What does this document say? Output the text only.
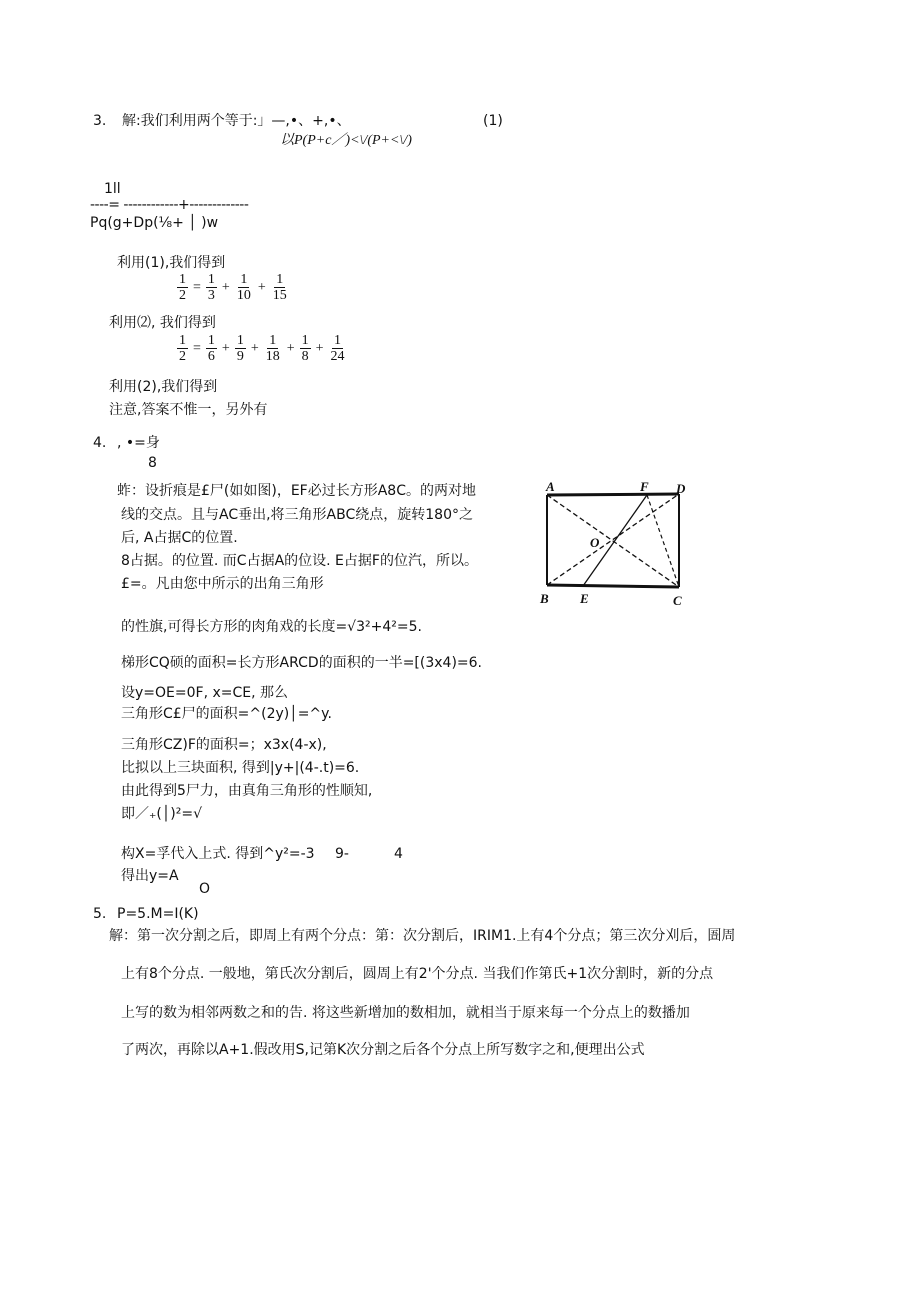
3. 解:我们利用两个等于:」—,•、+,•、	(1)
以P(P+c／)<\/(P+<\/)
1ll
----= ------------+-------------
Pq(g+Dp(⅛+ │ )w
利用(1),我们得到
$\frac{1}{2} = \frac{1}{3} + \frac{1}{10} + \frac{1}{15}$
利用⑵, 我们得到
$\frac{1}{2} = \frac{1}{6} + \frac{1}{9} + \frac{1}{18} + \frac{1}{8} + \frac{1}{24}$
利用(2),我们得到
注意,答案不惟一，另外有
4. , •=身
8
蚱：设折痕是£尸(如如图)，EF必过长方形A8C。的两对地
线的交点。且与AC垂出,将三角形ABC绕点，旋转180°之
后, A占据C的位置.
8占据。的位置. 而C占据A的位设. E占据F的位汽，所以。
£=。凡由您中所示的出角三角形
的性旗,可得长方形的肉角戏的长度=√3²+4²=5.
梯形CQ硕的面积=长方形ARCD的面积的一半=[(3x4)=6.
设y=OE=0F, x=CE, 那么
三角形C£尸的面积=^(2y)│=^y.
三角形CZ)F的面积=；x3x(4-x),
比拟以上三块面积, 得到|y+|(4-.t)=6.
由此得到5尸力，由真角三角形的性顺知,
即／₊(│)²=√
构X=孚代入上式. 得到^y²=-3 9-	4
得出y=A
O
A	F D
O
B E	C
5. P=5.M=I(K)
解：第一次分割之后，即周上有两个分点：第：次分割后，IRIM1.上有4个分点；第三次分刈后，圄周
上有8个分点. 一般地，第氏次分割后，圆周上有2'个分点. 当我们作第氏+1次分割时，新的分点
上写的数为相邻两数之和的告. 将这些新增加的数相加，就相当于原来每一个分点上的数播加
了两次，再除以A+1.假改用S,记第K次分割之后各个分点上所写数字之和,便理出公式
